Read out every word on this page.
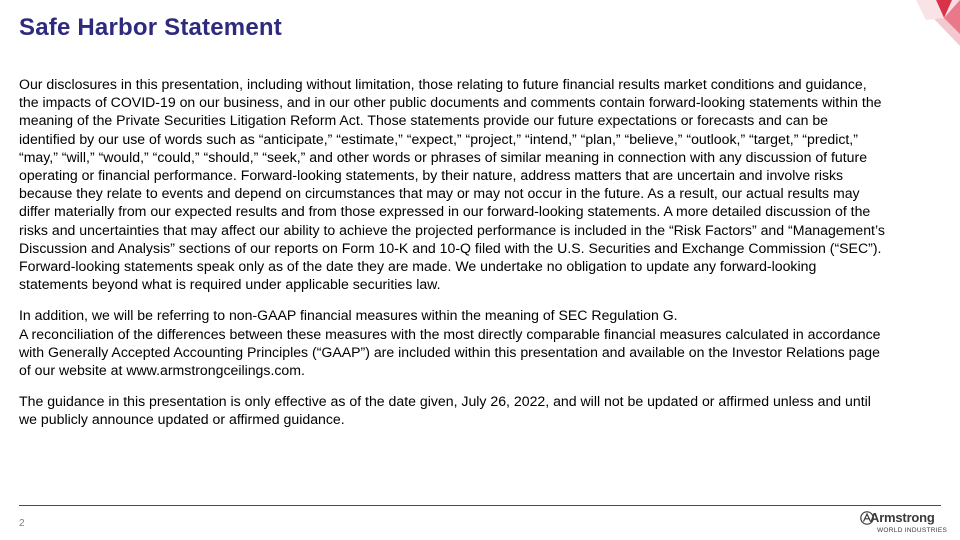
Safe Harbor Statement

Our disclosures in this presentation, including without limitation, those relating to future financial results market conditions and guidance,
the impacts of COVID-19 on our business, and in our other public documents and comments contain forward-looking statements within the
meaning of the Private Securities Litigation Reform Act. Those statements provide our future expectations or forecasts and can be
identified by our use of words such as “anticipate,” “estimate,” “expect,” “project,” “intend,” “plan,” “believe,” “outlook,” “target,” “predict,”
“may,” “will,” “would,” “could,” “should,” “seek,” and other words or phrases of similar meaning in connection with any discussion of future
operating or financial performance. Forward-looking statements, by their nature, address matters that are uncertain and involve risks
because they relate to events and depend on circumstances that may or may not occur in the future. As a result, our actual results may
differ materially from our expected results and from those expressed in our forward-looking statements. A more detailed discussion of the
risks and uncertainties that may affect our ability to achieve the projected performance is included in the “Risk Factors” and “Management’s
Discussion and Analysis” sections of our reports on Form 10-K and 10-Q filed with the U.S. Securities and Exchange Commission (“SEC”).
Forward-looking statements speak only as of the date they are made. We undertake no obligation to update any forward-looking
statements beyond what is required under applicable securities law.

In addition, we will be referring to non-GAAP financial measures within the meaning of SEC Regulation G.
A reconciliation of the differences between these measures with the most directly comparable financial measures calculated in accordance
with Generally Accepted Accounting Principles (“GAAP”) are included within this presentation and available on the Investor Relations page
of our website at www.armstrongceilings.com.

The guidance in this presentation is only effective as of the date given, July 26, 2022, and will not be updated or affirmed unless and until
we publicly announce updated or affirmed guidance.

2	Armstrong
WORLD INDUSTRIES
